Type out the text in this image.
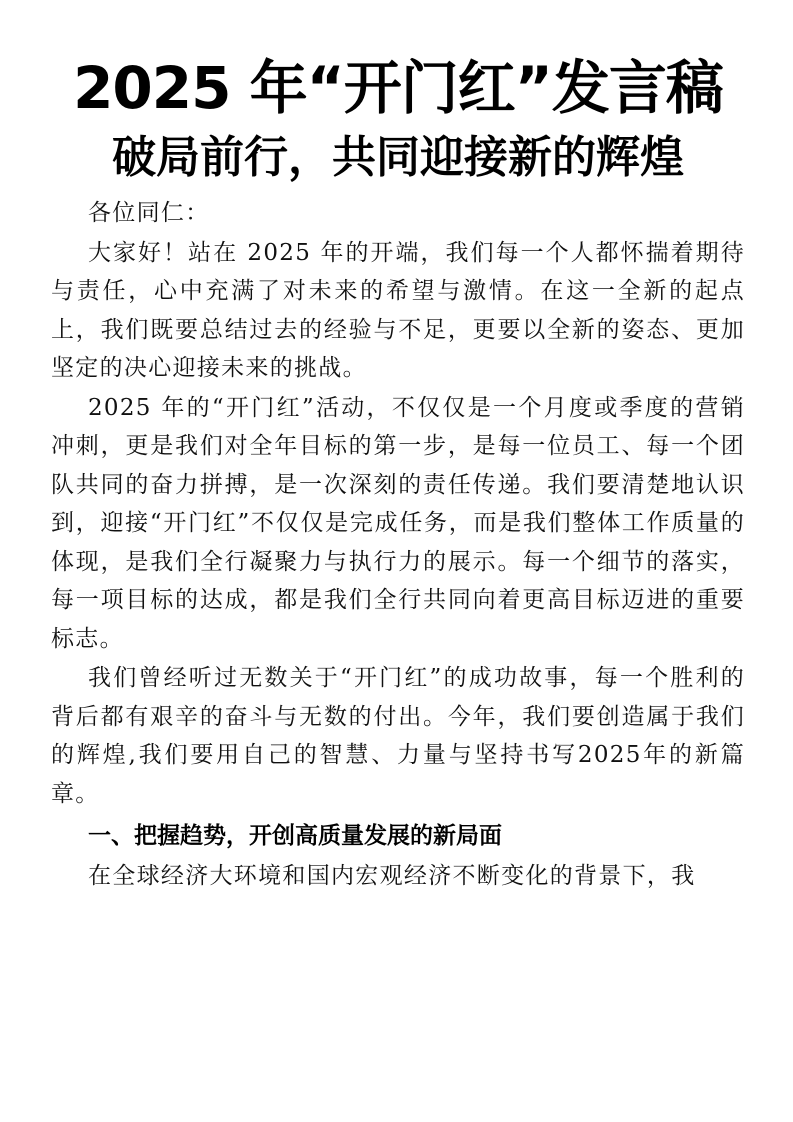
2025 年“开门红”发言稿
破局前行，共同迎接新的辉煌

各位同仁：

大家好！站在 2025 年的开端，我们每一个人都怀揣着期待与责任，心中充满了对未来的希望与激情。在这一全新的起点上，我们既要总结过去的经验与不足，更要以全新的姿态、更加坚定的决心迎接未来的挑战。

2025 年的“开门红”活动，不仅仅是一个月度或季度的营销冲刺，更是我们对全年目标的第一步，是每一位员工、每一个团队共同的奋力拼搏，是一次深刻的责任传递。我们要清楚地认识到，迎接“开门红”不仅仅是完成任务，而是我们整体工作质量的体现，是我们全行凝聚力与执行力的展示。每一个细节的落实，每一项目标的达成，都是我们全行共同向着更高目标迈进的重要标志。

我们曾经听过无数关于“开门红”的成功故事，每一个胜利的背后都有艰辛的奋斗与无数的付出。今年，我们要创造属于我们的辉煌,我们要用自己的智慧、力量与坚持书写2025年的新篇章。

一、把握趋势，开创高质量发展的新局面

在全球经济大环境和国内宏观经济不断变化的背景下，我
